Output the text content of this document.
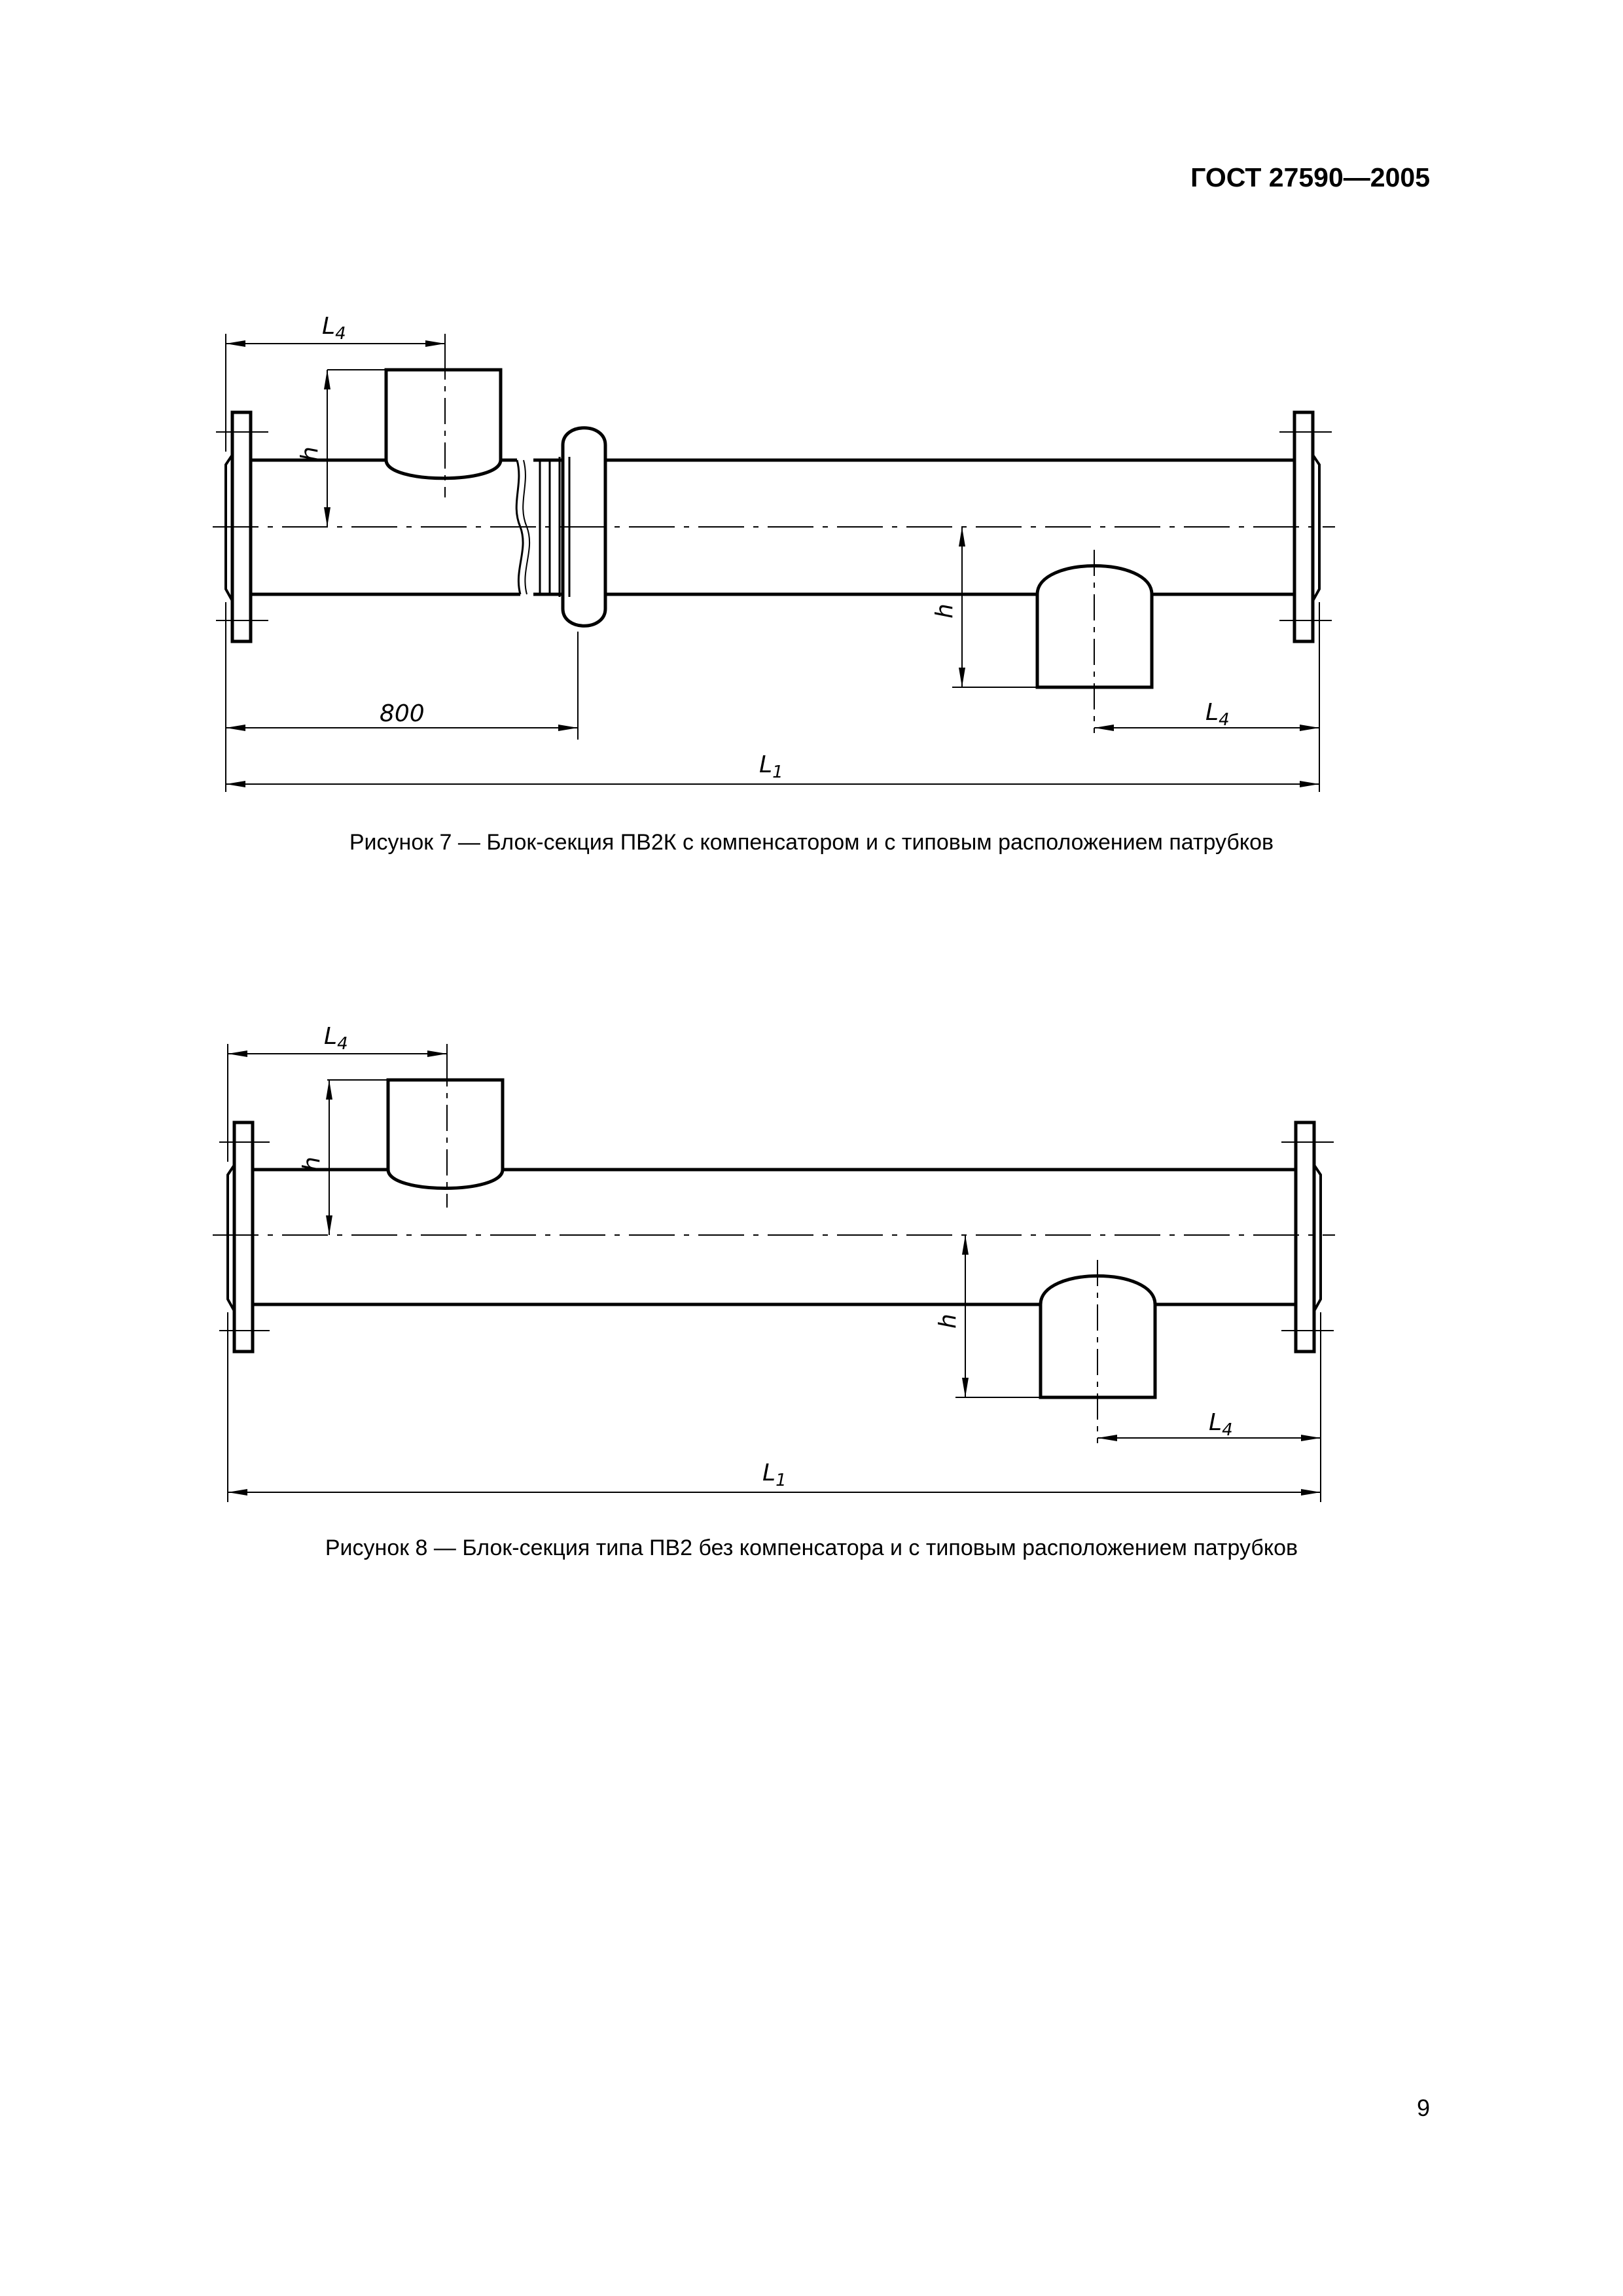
ГОСТ 27590—2005
$L_4$
h
h
800	$L_4$
$L_1$
Рисунок 7 — Блок-секция ПВ2К с компенсатором и с типовым расположением патрубков
$L_4$
h
h
$L_4$
$L_1$
Рисунок 8 — Блок-секция типа ПВ2 без компенсатора и с типовым расположением патрубков
9
